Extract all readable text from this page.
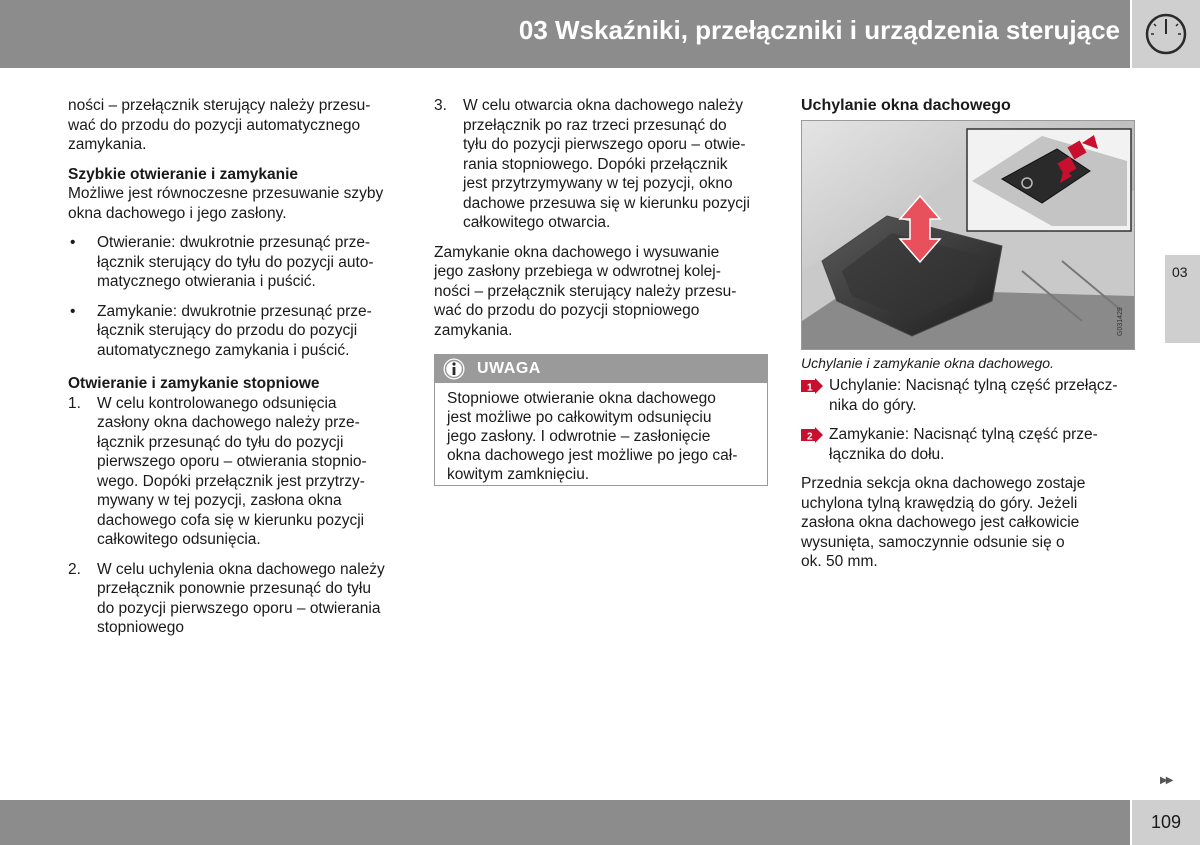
03 Wskaźniki, przełączniki i urządzenia sterujące
03

ności – przełącznik sterujący należy przesu-
wać do przodu do pozycji automatycznego
zamykania.

Szybkie otwieranie i zamykanie

Możliwe jest równoczesne przesuwanie szyby
okna dachowego i jego zasłony.

• Otwieranie: dwukrotnie przesunąć prze-
łącznik sterujący do tyłu do pozycji auto-
matycznego otwierania i puścić.
• Zamykanie: dwukrotnie przesunąć prze-
łącznik sterujący do przodu do pozycji
automatycznego zamykania i puścić.
Otwieranie i zamykanie stopniowe
1. W celu kontrolowanego odsunięcia
zasłony okna dachowego należy prze-
łącznik przesunąć do tyłu do pozycji
pierwszego oporu – otwierania stopnio-
wego. Dopóki przełącznik jest przytrzy-
mywany w tej pozycji, zasłona okna
dachowego cofa się w kierunku pozycji
całkowitego odsunięcia.
2. W celu uchylenia okna dachowego należy
przełącznik ponownie przesunąć do tyłu
do pozycji pierwszego oporu – otwierania
stopniowego
3. W celu otwarcia okna dachowego należy
przełącznik po raz trzeci przesunąć do
tyłu do pozycji pierwszego oporu – otwie-
rania stopniowego. Dopóki przełącznik
jest przytrzymywany w tej pozycji, okno
dachowe przesuwa się w kierunku pozycji
całkowitego otwarcia.

Zamykanie okna dachowego i wysuwanie
jego zasłony przebiega w odwrotnej kolej-
ności – przełącznik sterujący należy przesu-
wać do przodu do pozycji stopniowego
zamykania.

UWAGA
Stopniowe otwieranie okna dachowego
jest możliwe po całkowitym odsunięciu
jego zasłony. I odwrotnie – zasłonięcie
okna dachowego jest możliwe po jego cał-
kowitym zamknięciu.
Uchylanie okna dachowego
G031429
Uchylanie i zamykanie okna dachowego.
1 Uchylanie: Nacisnąć tylną część przełącz-
nika do góry.
2 Zamykanie: Nacisnąć tylną część prze-
łącznika do dołu.

Przednia sekcja okna dachowego zostaje
uchylona tylną krawędzią do góry. Jeżeli
zasłona okna dachowego jest całkowicie
wysunięta, samoczynnie odsunie się o
ok. 50 mm.

▶▶
109
